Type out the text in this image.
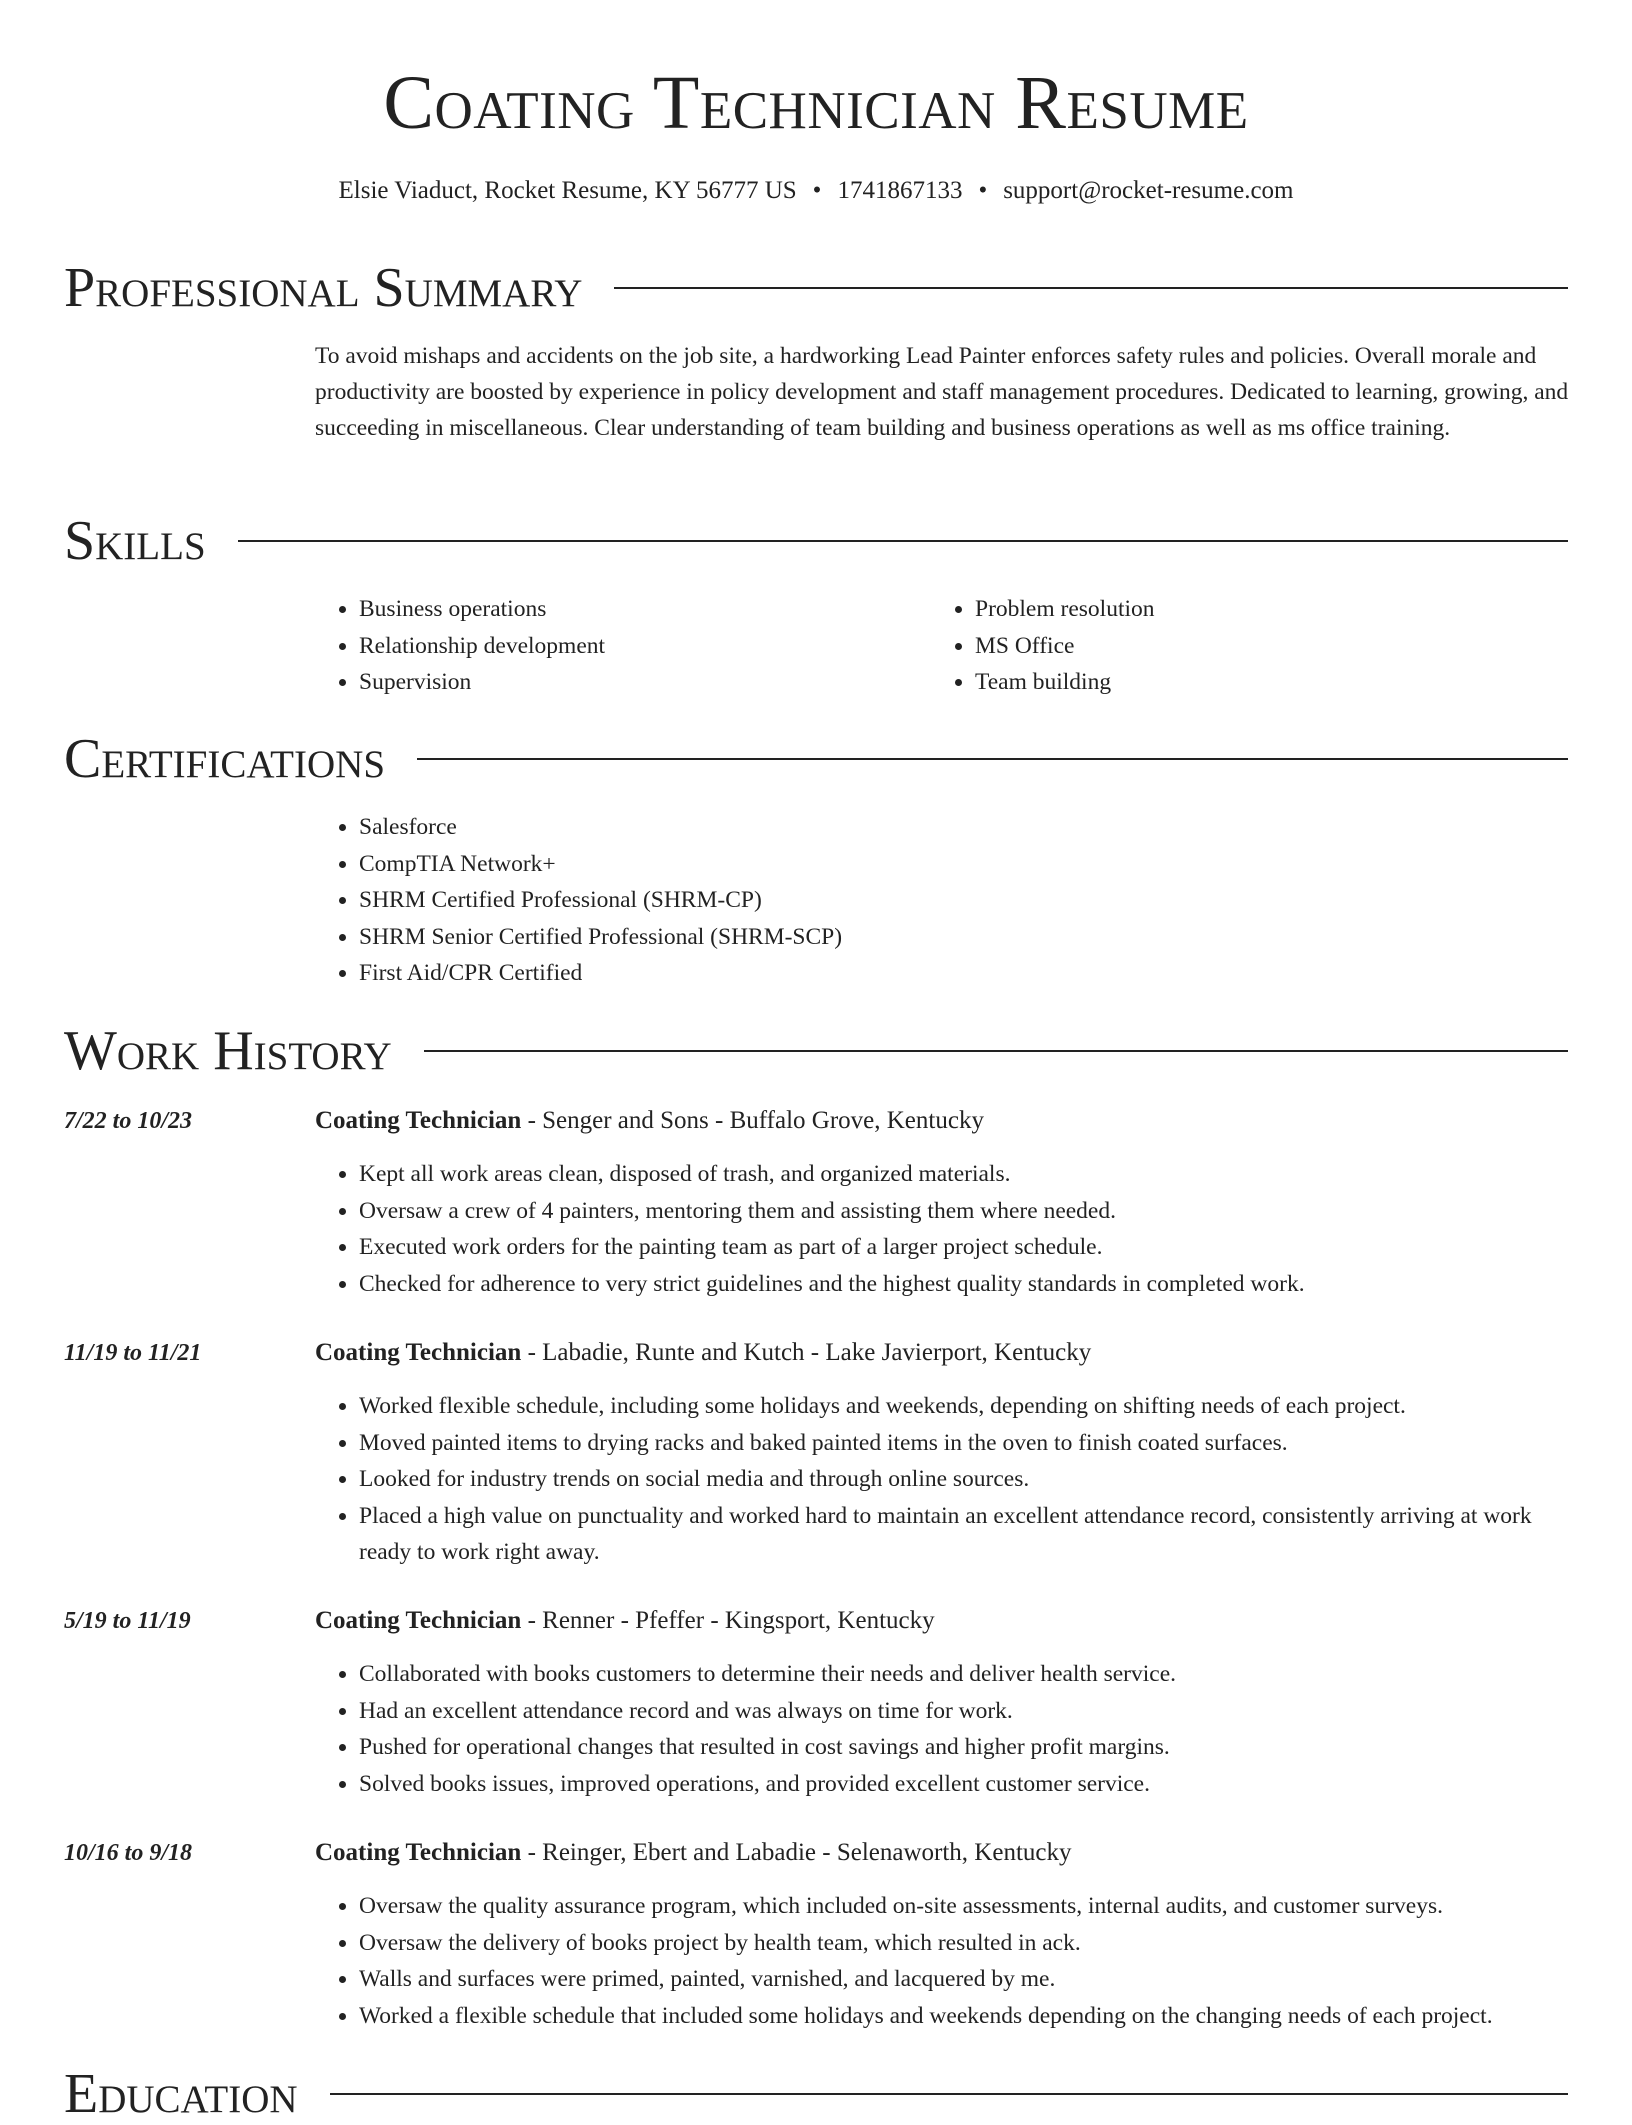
Coating Technician Resume
Elsie Viaduct, Rocket Resume, KY 56777 US • 1741867133 • support@rocket-resume.com
Professional Summary

To avoid mishaps and accidents on the job site, a hardworking Lead Painter enforces safety rules and policies. Overall morale and productivity are boosted by experience in policy development and staff management procedures. Dedicated to learning, growing, and succeeding in miscellaneous. Clear understanding of team building and business operations as well as ms office training.

Skills
• Business operations
• Relationship development
• Supervision
• Problem resolution
• MS Office
• Team building
Certifications
• Salesforce
• CompTIA Network+
• SHRM Certified Professional (SHRM-CP)
• SHRM Senior Certified Professional (SHRM-SCP)
• First Aid/CPR Certified
Work History
7/22 to 10/23	Coating Technician - Senger and Sons - Buffalo Grove, Kentucky
• Kept all work areas clean, disposed of trash, and organized materials.
• Oversaw a crew of 4 painters, mentoring them and assisting them where needed.
• Executed work orders for the painting team as part of a larger project schedule.
• Checked for adherence to very strict guidelines and the highest quality standards in completed work.
11/19 to 11/21	Coating Technician - Labadie, Runte and Kutch - Lake Javierport, Kentucky
• Worked flexible schedule, including some holidays and weekends, depending on shifting needs of each project.
• Moved painted items to drying racks and baked painted items in the oven to finish coated surfaces.
• Looked for industry trends on social media and through online sources.
• Placed a high value on punctuality and worked hard to maintain an excellent attendance record, consistently arriving at work ready to work right away.
5/19 to 11/19	Coating Technician - Renner - Pfeffer - Kingsport, Kentucky
• Collaborated with books customers to determine their needs and deliver health service.
• Had an excellent attendance record and was always on time for work.
• Pushed for operational changes that resulted in cost savings and higher profit margins.
• Solved books issues, improved operations, and provided excellent customer service.
10/16 to 9/18	Coating Technician - Reinger, Ebert and Labadie - Selenaworth, Kentucky
• Oversaw the quality assurance program, which included on-site assessments, internal audits, and customer surveys.
• Oversaw the delivery of books project by health team, which resulted in ack.
• Walls and surfaces were primed, painted, varnished, and lacquered by me.
• Worked a flexible schedule that included some holidays and weekends depending on the changing needs of each project.
Education
